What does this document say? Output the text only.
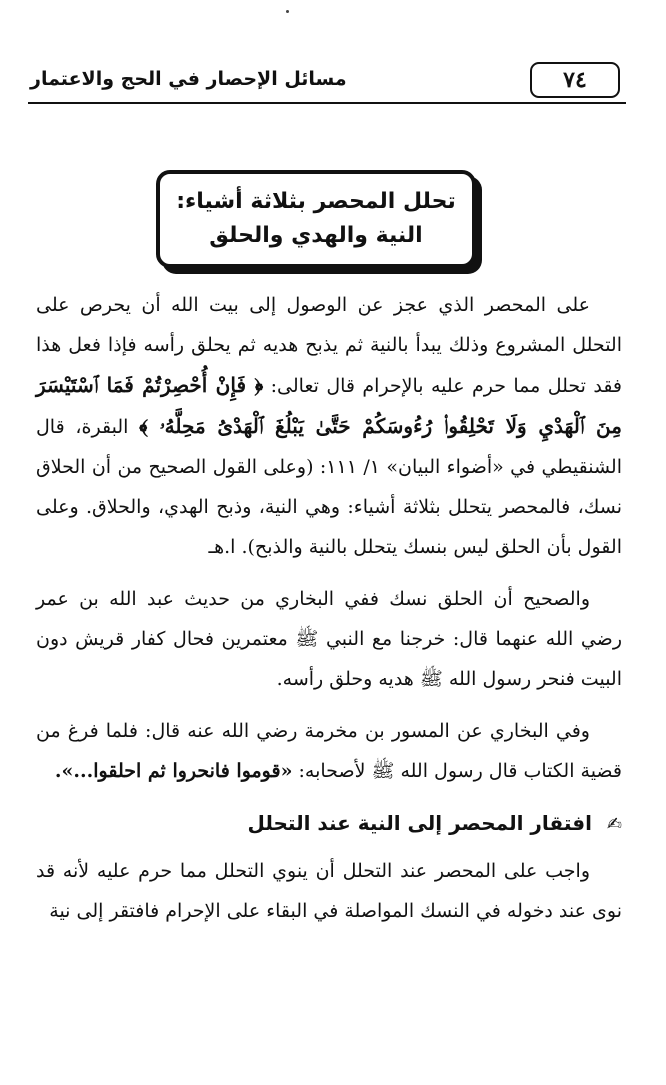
٧٤
مسائل الإحصار في الحج والاعتمار
تحلل المحصر بثلاثة أشياء:
النية والهدي والحلق

على المحصر الذي عجز عن الوصول إلى بيت الله أن يحرص على التحلل المشروع وذلك يبدأ بالنية ثم يذبح هديه ثم يحلق رأسه فإذا فعل هذا فقد تحلل مما حرم عليه بالإحرام قال تعالى: ﴿ فَإِنْ أُحْصِرْتُمْ فَمَا ٱسْتَيْسَرَ مِنَ ٱلْهَدْيِ وَلَا تَحْلِقُوا۟ رُءُوسَكُمْ حَتَّىٰ يَبْلُغَ ٱلْهَدْىُ مَحِلَّهُۥ ﴾ البقرة، قال الشنقيطي في «أضواء البيان» ١/ ١١١: (وعلى القول الصحيح من أن الحلاق نسك، فالمحصر يتحلل بثلاثة أشياء: وهي النية، وذبح الهدي، والحلاق. وعلى القول بأن الحلق ليس بنسك يتحلل بالنية والذبح). ا.هـ

والصحيح أن الحلق نسك ففي البخاري من حديث عبد الله بن عمر رضي الله عنهما قال: خرجنا مع النبي ﷺ معتمرين فحال كفار قريش دون البيت فنحر رسول الله ﷺ هديه وحلق رأسه.

وفي البخاري عن المسور بن مخرمة رضي الله عنه قال: فلما فرغ من قضية الكتاب قال رسول الله ﷺ لأصحابه: «قوموا فانحروا ثم احلقوا...».

✍ افتقار المحصر إلى النية عند التحلل

واجب على المحصر عند التحلل أن ينوي التحلل مما حرم عليه لأنه قد نوى عند دخوله في النسك المواصلة في البقاء على الإحرام فافتقر إلى نية
